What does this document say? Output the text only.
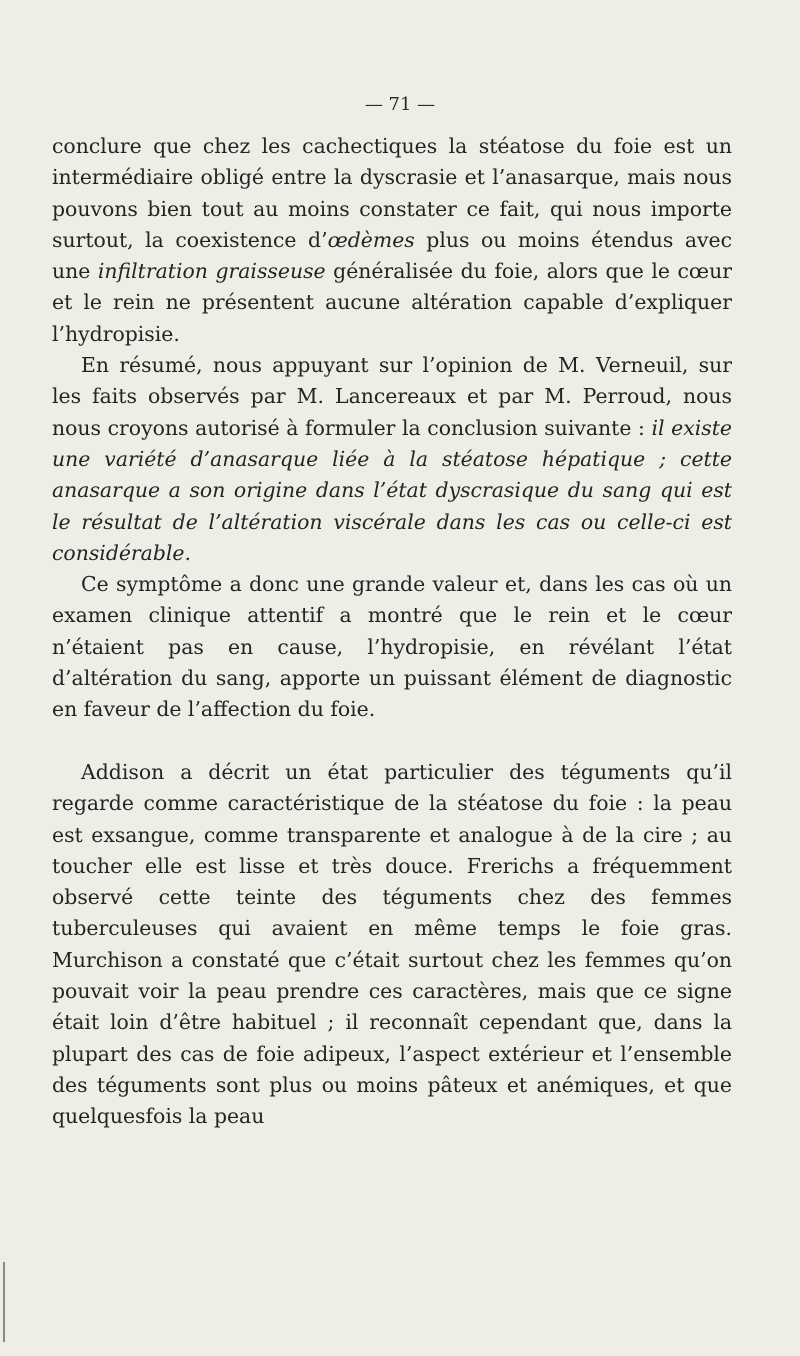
— 71 —

conclure que chez les cachectiques la stéatose du foie est un intermédiaire obligé entre la dyscrasie et l’anasarque, mais nous pouvons bien tout au moins constater ce fait, qui nous importe surtout, la coexistence d’œdèmes plus ou moins étendus avec une infiltration graisseuse généralisée du foie, alors que le cœur et le rein ne présentent aucune altération capable d’expliquer l’hydropisie.

En résumé, nous appuyant sur l’opinion de M. Verneuil, sur les faits observés par M. Lancereaux et par M. Perroud, nous nous croyons autorisé à formuler la conclusion suivante : il existe une variété d’anasarque liée à la stéatose hépatique ; cette anasarque a son origine dans l’état dyscrasique du sang qui est le résultat de l’altération viscérale dans les cas ou celle-ci est considérable.

Ce symptôme a donc une grande valeur et, dans les cas où un examen clinique attentif a montré que le rein et le cœur n’étaient pas en cause, l’hydropisie, en révélant l’état d’altération du sang, apporte un puissant élément de diagnostic en faveur de l’affection du foie.

Addison a décrit un état particulier des téguments qu’il regarde comme caractéristique de la stéatose du foie : la peau est exsangue, comme transparente et analogue à de la cire ; au toucher elle est lisse et très douce. Frerichs a fréquemment observé cette teinte des téguments chez des femmes tuberculeuses qui avaient en même temps le foie gras. Murchison a constaté que c’était surtout chez les femmes qu’on pouvait voir la peau prendre ces caractères, mais que ce signe était loin d’être habituel ; il reconnaît cependant que, dans la plupart des cas de foie adipeux, l’aspect extérieur et l’ensemble des téguments sont plus ou moins pâteux et anémiques, et que quelquesfois la peau
